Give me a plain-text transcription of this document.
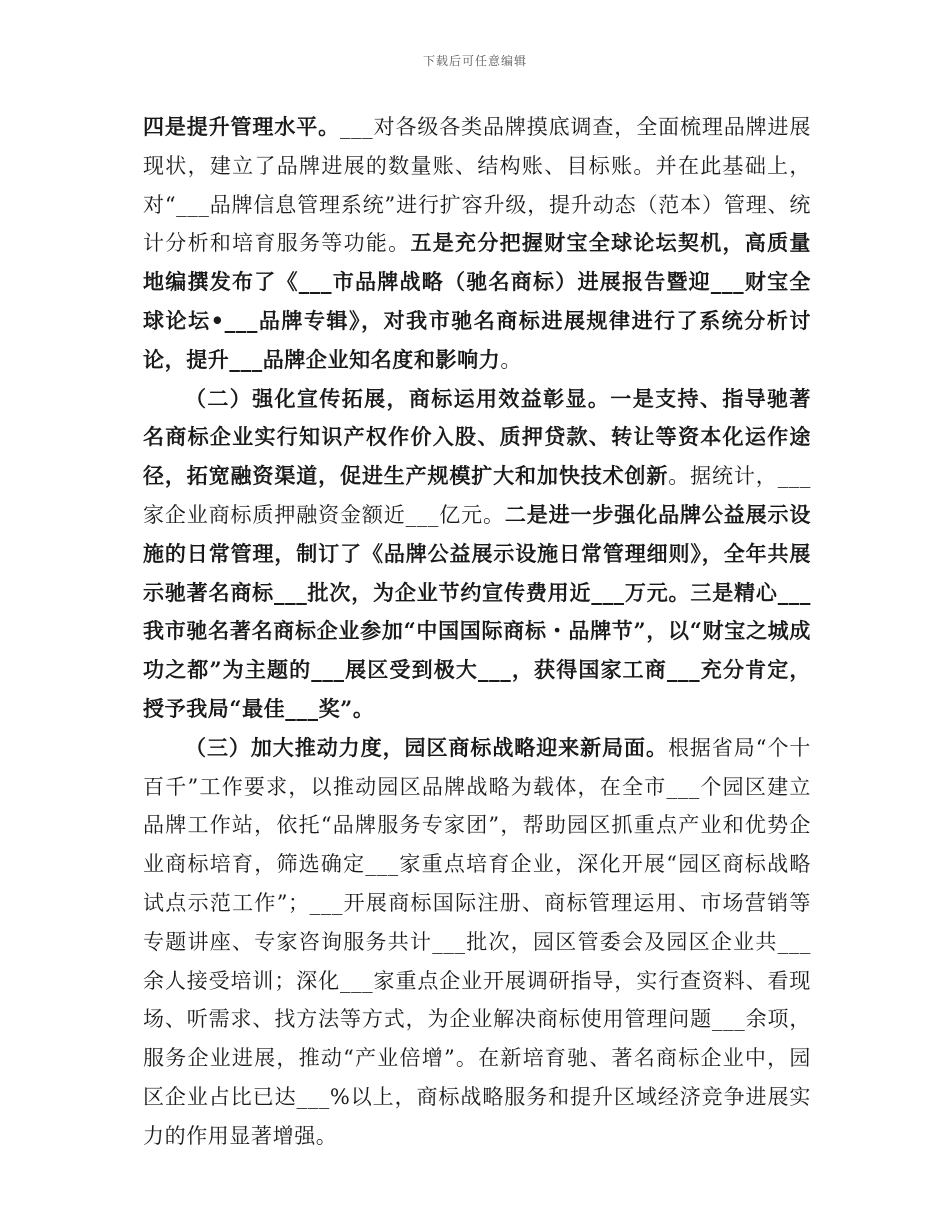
下载后可任意编辑

四是提升管理水平。___对各级各类品牌摸底调查，全面梳理品牌进展现状，建立了品牌进展的数量账、结构账、目标账。并在此基础上，对“___品牌信息管理系统”进行扩容升级，提升动态（范本）管理、统计分析和培育服务等功能。五是充分把握财宝全球论坛契机，高质量地编撰发布了《___市品牌战略（驰名商标）进展报告暨迎___财宝全球论坛•___品牌专辑》，对我市驰名商标进展规律进行了系统分析讨论，提升___品牌企业知名度和影响力。

（二）强化宣传拓展，商标运用效益彰显。一是支持、指导驰著名商标企业实行知识产权作价入股、质押贷款、转让等资本化运作途径，拓宽融资渠道，促进生产规模扩大和加快技术创新。据统计，___家企业商标质押融资金额近___亿元。二是进一步强化品牌公益展示设施的日常管理，制订了《品牌公益展示设施日常管理细则》，全年共展示驰著名商标___批次，为企业节约宣传费用近___万元。三是精心___我市驰名著名商标企业参加“中国国际商标・品牌节”，以“财宝之城成功之都”为主题的___展区受到极大___，获得国家工商___充分肯定，授予我局“最佳___奖”。

（三）加大推动力度，园区商标战略迎来新局面。根据省局“个十百千”工作要求，以推动园区品牌战略为载体，在全市___个园区建立品牌工作站，依托“品牌服务专家团”，帮助园区抓重点产业和优势企业商标培育，筛选确定___家重点培育企业，深化开展“园区商标战略试点示范工作”；___开展商标国际注册、商标管理运用、市场营销等专题讲座、专家咨询服务共计___批次，园区管委会及园区企业共___余人接受培训；深化___家重点企业开展调研指导，实行查资料、看现场、听需求、找方法等方式，为企业解决商标使用管理问题___余项，服务企业进展，推动“产业倍增”。在新培育驰、著名商标企业中，园区企业占比已达___%以上，商标战略服务和提升区域经济竞争进展实力的作用显著增强。
